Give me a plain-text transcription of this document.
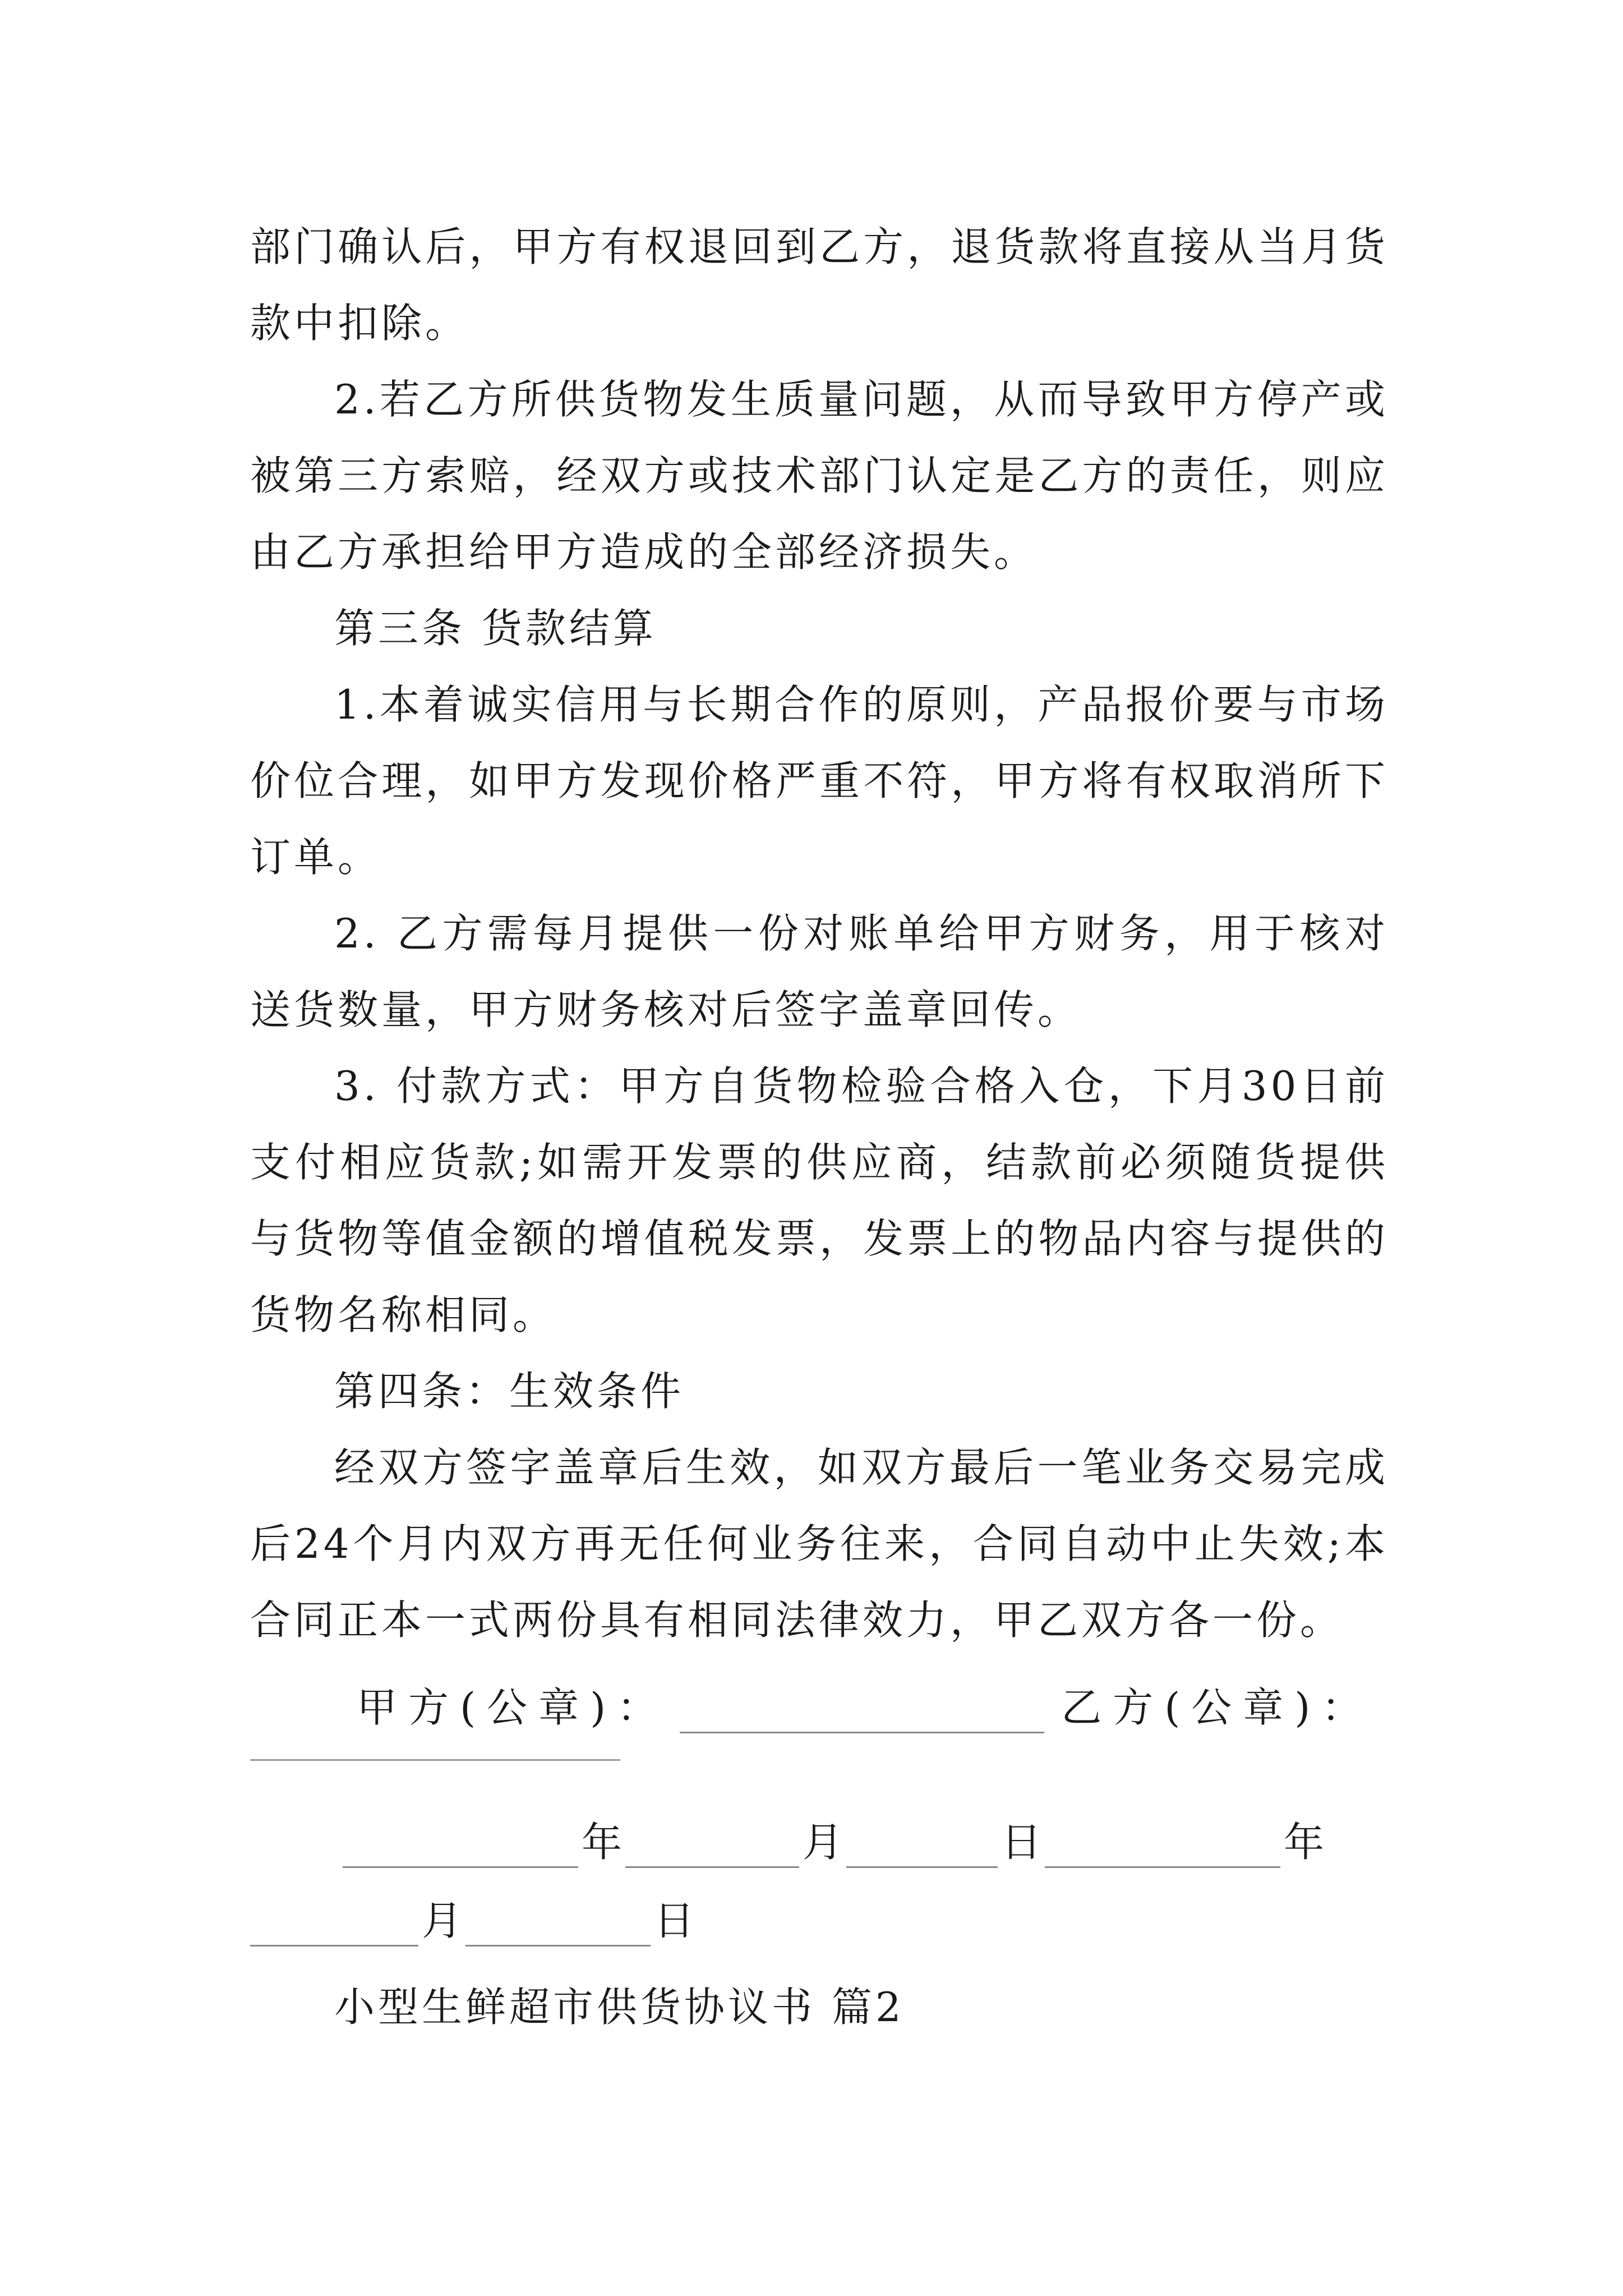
部门确认后，甲方有权退回到乙方，退货款将直接从当月货款中扣除。

2.若乙方所供货物发生质量问题，从而导致甲方停产或被第三方索赔，经双方或技术部门认定是乙方的责任，则应由乙方承担给甲方造成的全部经济损失。

第三条 货款结算

1.本着诚实信用与长期合作的原则，产品报价要与市场价位合理，如甲方发现价格严重不符，甲方将有权取消所下订单。

2. 乙方需每月提供一份对账单给甲方财务，用于核对送货数量，甲方财务核对后签字盖章回传。

3. 付款方式：甲方自货物检验合格入仓，下月30日前支付相应货款;如需开发票的供应商，结款前必须随货提供与货物等值金额的增值税发票，发票上的物品内容与提供的货物名称相同。

第四条：生效条件

经双方签字盖章后生效，如双方最后一笔业务交易完成后24个月内双方再无任何业务往来，合同自动中止失效;本合同正本一式两份具有相同法律效力，甲乙双方各一份。

甲方(公章)：	乙方(公章)：
年	月	日	年
月	日
小型生鲜超市供货协议书 篇2
